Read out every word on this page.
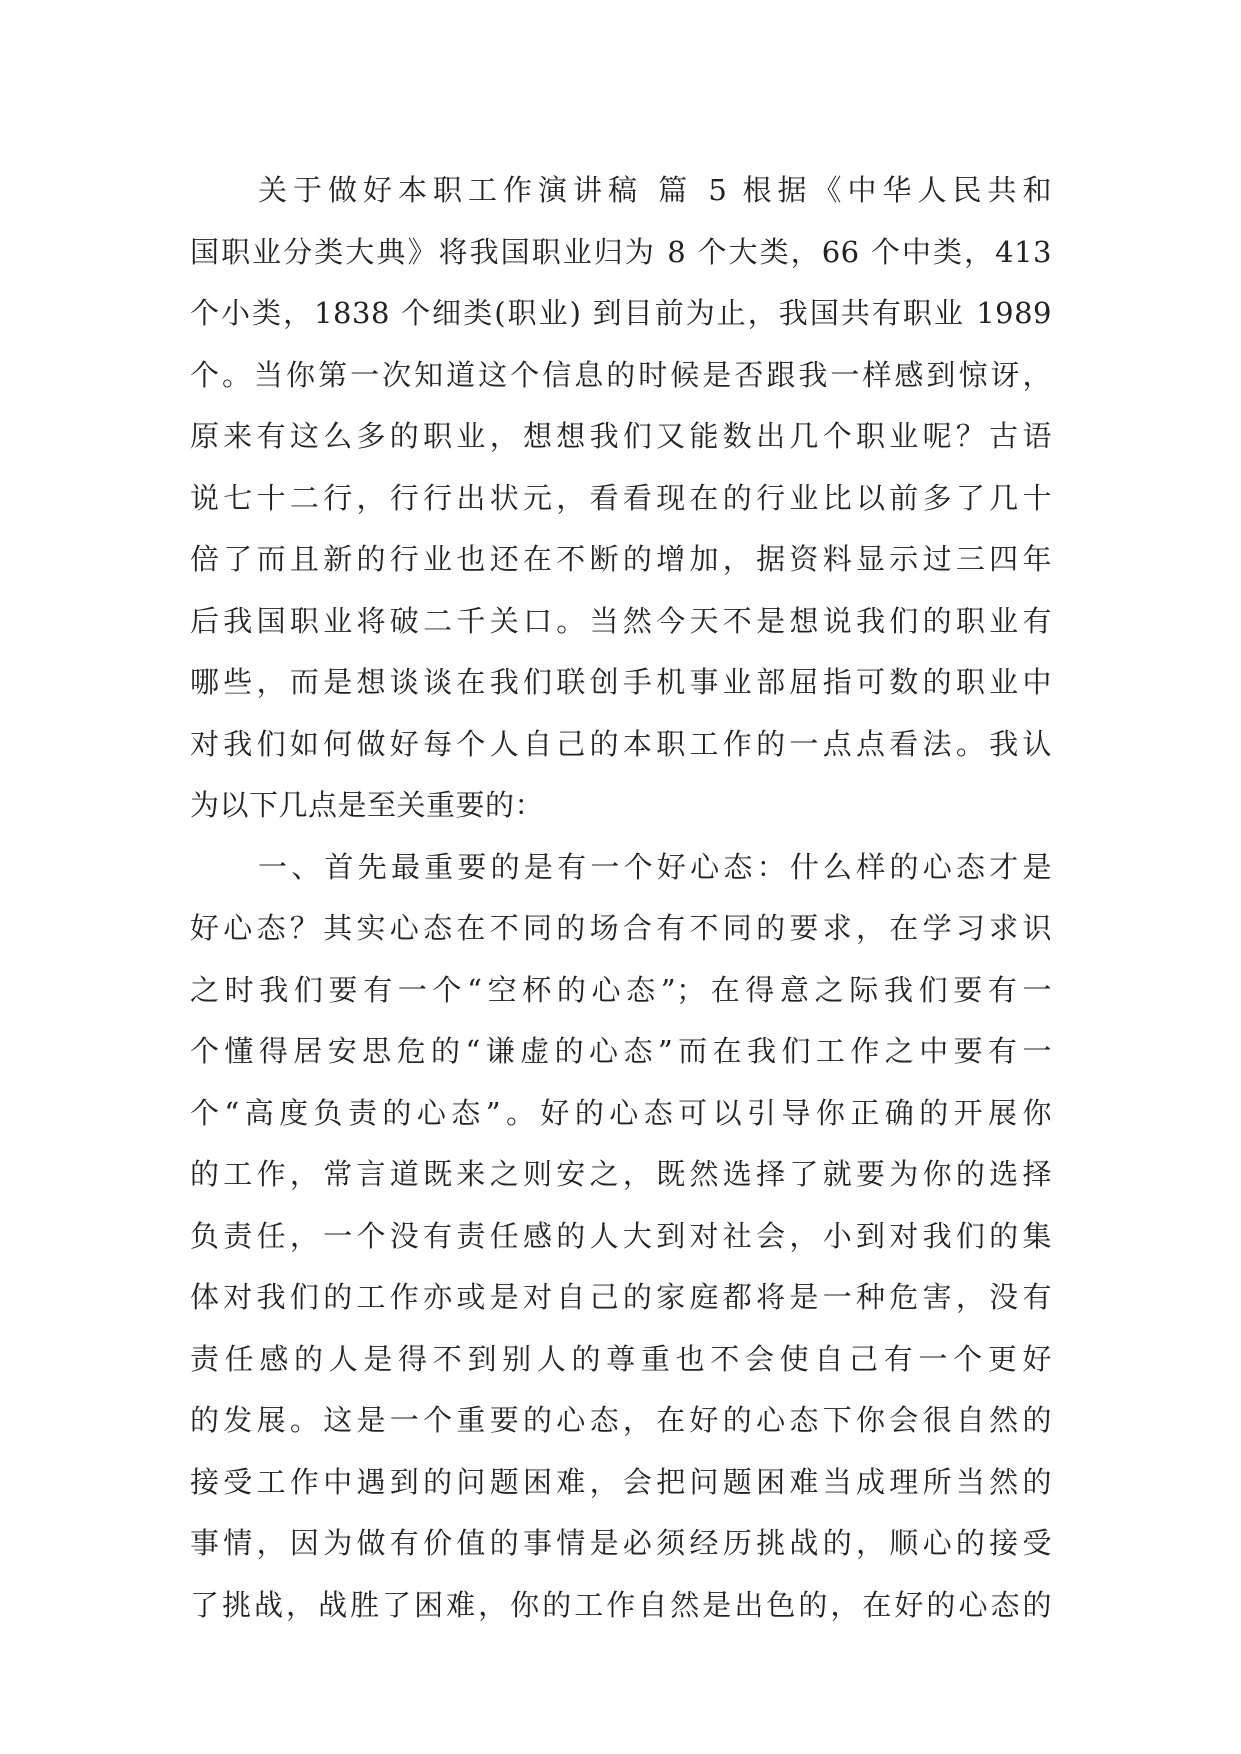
关于做好本职工作演讲稿 篇 5 根据《中华人民共和
国职业分类大典》将我国职业归为 8 个大类，66 个中类，413
个小类，1838 个细类(职业) 到目前为止，我国共有职业 1989
个。当你第一次知道这个信息的时候是否跟我一样感到惊讶，
原来有这么多的职业，想想我们又能数出几个职业呢？古语
说七十二行，行行出状元，看看现在的行业比以前多了几十
倍了而且新的行业也还在不断的增加，据资料显示过三四年
后我国职业将破二千关口。当然今天不是想说我们的职业有
哪些，而是想谈谈在我们联创手机事业部屈指可数的职业中
对我们如何做好每个人自己的本职工作的一点点看法。我认
为以下几点是至关重要的：
一、首先最重要的是有一个好心态：什么样的心态才是
好心态？其实心态在不同的场合有不同的要求，在学习求识
之时我们要有一个“空杯的心态”；在得意之际我们要有一
个懂得居安思危的“谦虚的心态”而在我们工作之中要有一
个“高度负责的心态”。好的心态可以引导你正确的开展你
的工作，常言道既来之则安之，既然选择了就要为你的选择
负责任，一个没有责任感的人大到对社会，小到对我们的集
体对我们的工作亦或是对自己的家庭都将是一种危害，没有
责任感的人是得不到别人的尊重也不会使自己有一个更好
的发展。这是一个重要的心态，在好的心态下你会很自然的
接受工作中遇到的问题困难，会把问题困难当成理所当然的
事情，因为做有价值的事情是必须经历挑战的，顺心的接受
了挑战，战胜了困难，你的工作自然是出色的，在好的心态的
